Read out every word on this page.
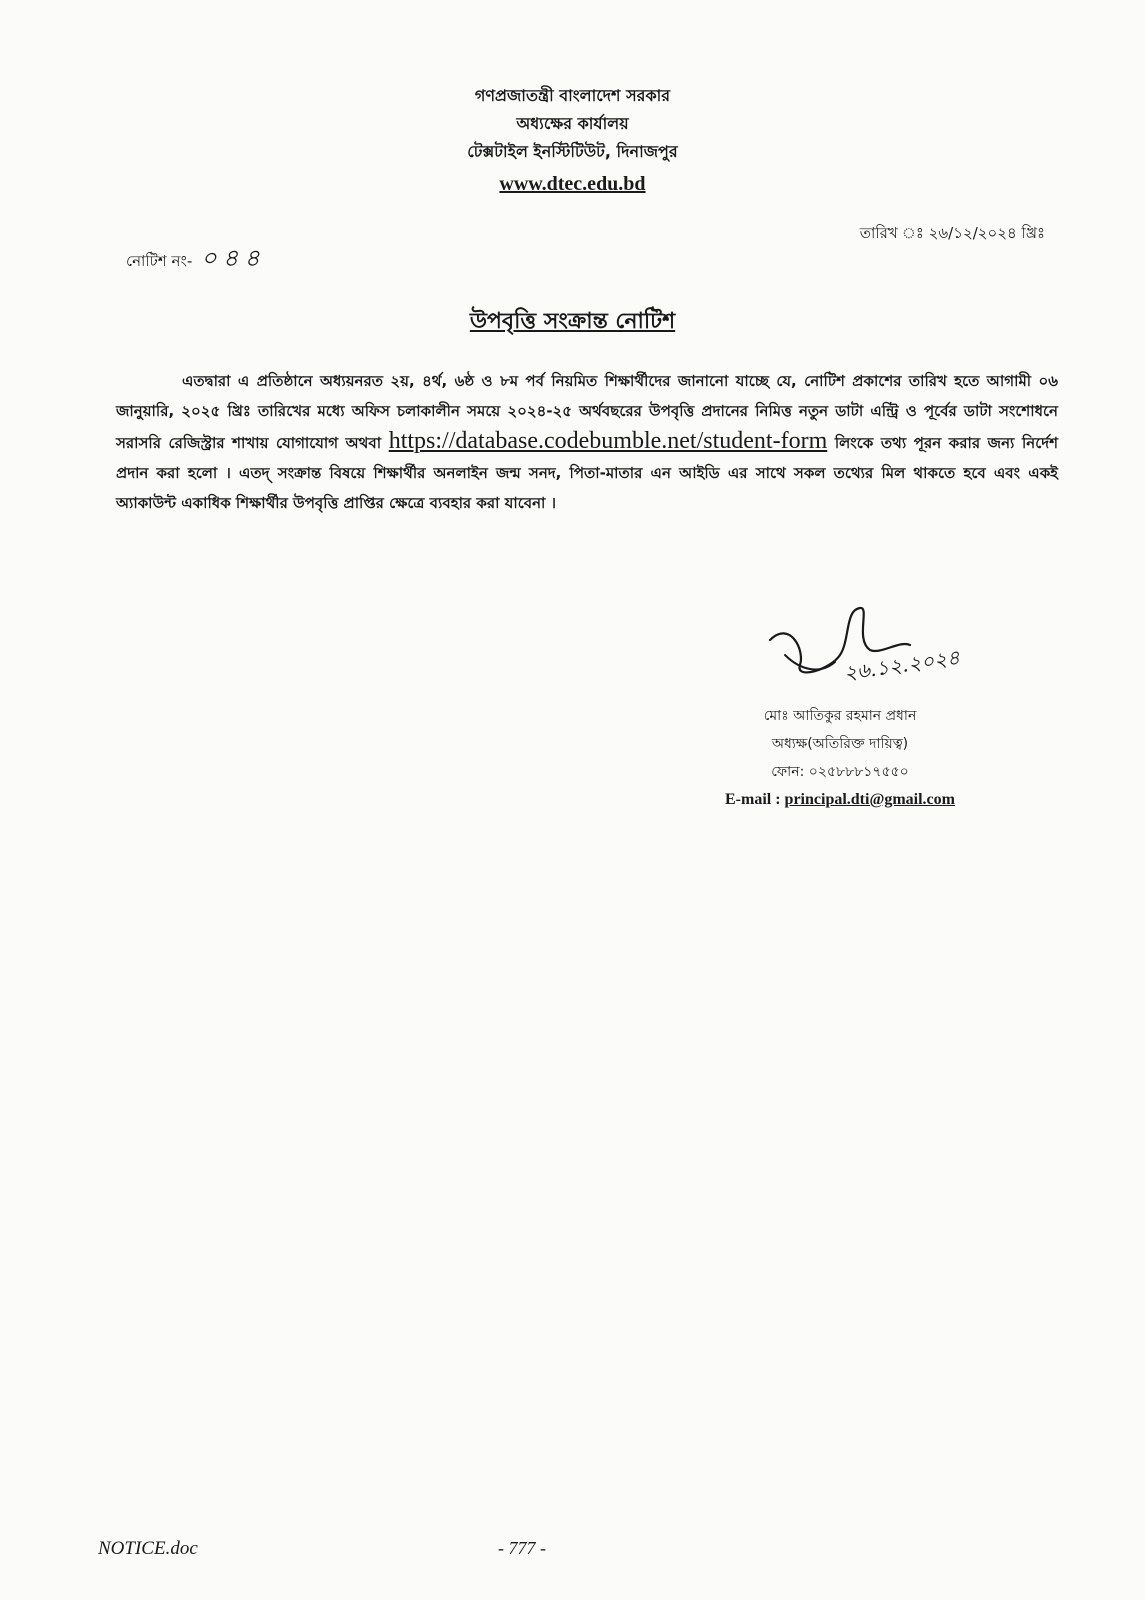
গণপ্রজাতন্ত্রী বাংলাদেশ সরকার
অধ্যক্ষের কার্যালয়
টেক্সটাইল ইনস্টিটিউট, দিনাজপুর
www.dtec.edu.bd
নোটিশ নং- ০৪৪
তারিখ ঃ ২৬/১২/২০২৪ খ্রিঃ
উপবৃত্তি সংক্রান্ত নোটিশ
এতদ্বারা এ প্রতিষ্ঠানে অধ্যয়নরত ২য়, ৪র্থ, ৬ষ্ঠ ও ৮ম পর্ব নিয়মিত শিক্ষার্থীদের জানানো যাচ্ছে যে, নোটিশ প্রকাশের তারিখ হতে আগামী ০৬ জানুয়ারি, ২০২৫ খ্রিঃ তারিখের মধ্যে অফিস চলাকালীন সময়ে ২০২৪-২৫ অর্থবছরের উপবৃত্তি প্রদানের নিমিত্ত নতুন ডাটা এন্ট্রি ও পূর্বের ডাটা সংশোধনে সরাসরি রেজিস্ট্রার শাখায় যোগাযোগ অথবা https://database.codebumble.net/student-form লিংকে তথ্য পূরন করার জন্য নির্দেশ প্রদান করা হলো । এতদ্ সংক্রান্ত বিষয়ে শিক্ষার্থীর অনলাইন জন্ম সনদ, পিতা-মাতার এন আইডি এর সাথে সকল তথ্যের মিল থাকতে হবে এবং একই অ্যাকাউন্ট একাধিক শিক্ষার্থীর উপবৃত্তি প্রাপ্তির ক্ষেত্রে ব্যবহার করা যাবেনা ।
২৬.১২.২০২৪
মোঃ আতিকুর রহমান প্রধান
অধ্যক্ষ(অতিরিক্ত দায়িত্ব)
ফোন: ০২৫৮৮৮১৭৫৫০
E-mail : principal.dti@gmail.com
NOTICE.doc	- 777 -
